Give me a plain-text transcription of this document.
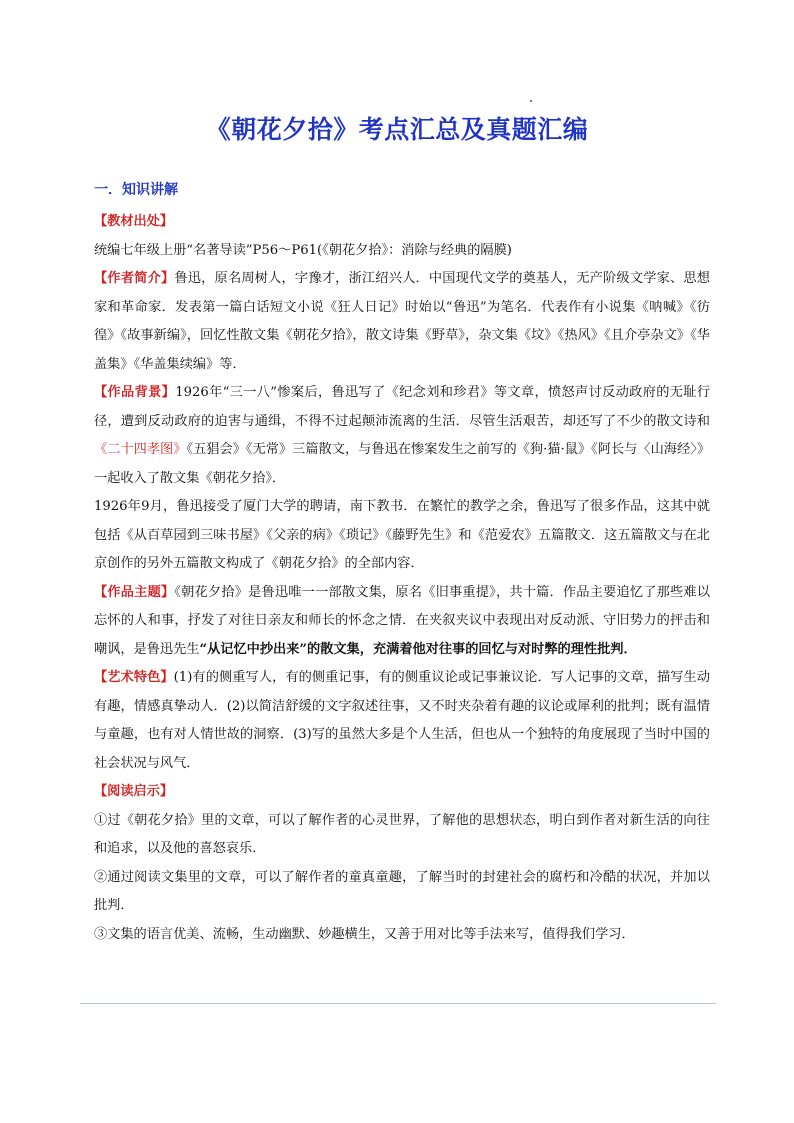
《朝花夕拾》考点汇总及真题汇编
一．知识讲解

【教材出处】

统编七年级上册“名著导读”P56～P61(《朝花夕拾》：消除与经典的隔膜)

【作者简介】鲁迅，原名周树人，字豫才，浙江绍兴人．中国现代文学的奠基人，无产阶级文学家、思想家和革命家．发表第一篇白话短文小说《狂人日记》时始以“鲁迅”为笔名．代表作有小说集《呐喊》《彷徨》《故事新编》，回忆性散文集《朝花夕拾》，散文诗集《野草》，杂文集《坟》《热风》《且介亭杂文》《华盖集》《华盖集续编》等．

【作品背景】1926年“三一八”惨案后，鲁迅写了《纪念刘和珍君》等文章，愤怒声讨反动政府的无耻行径，遭到反动政府的迫害与通缉，不得不过起颠沛流离的生活．尽管生活艰苦，却还写了不少的散文诗和《二十四孝图》《五猖会》《无常》三篇散文，与鲁迅在惨案发生之前写的《狗·猫·鼠》《阿长与〈山海经〉》一起收入了散文集《朝花夕拾》．

1926年9月，鲁迅接受了厦门大学的聘请，南下教书．在繁忙的教学之余，鲁迅写了很多作品，这其中就包括《从百草园到三味书屋》《父亲的病》《琐记》《藤野先生》和《范爱农》五篇散文．这五篇散文与在北京创作的另外五篇散文构成了《朝花夕拾》的全部内容．

【作品主题】《朝花夕拾》是鲁迅唯一一部散文集，原名《旧事重提》，共十篇．作品主要追忆了那些难以忘怀的人和事，抒发了对往日亲友和师长的怀念之情．在夹叙夹议中表现出对反动派、守旧势力的抨击和嘲讽，是鲁迅先生“从记忆中抄出来”的散文集，充满着他对往事的回忆与对时弊的理性批判．

【艺术特色】(1)有的侧重写人，有的侧重记事，有的侧重议论或记事兼议论．写人记事的文章，描写生动有趣，情感真挚动人．(2)以简洁舒缓的文字叙述往事，又不时夹杂着有趣的议论或犀利的批判；既有温情与童趣，也有对人情世故的洞察．(3)写的虽然大多是个人生活，但也从一个独特的角度展现了当时中国的社会状况与风气．

【阅读启示】

①过《朝花夕拾》里的文章，可以了解作者的心灵世界，了解他的思想状态，明白到作者对新生活的向往和追求，以及他的喜怒哀乐．

②通过阅读文集里的文章，可以了解作者的童真童趣，了解当时的封建社会的腐朽和冷酷的状况，并加以批判．

③文集的语言优美、流畅，生动幽默、妙趣横生，又善于用对比等手法来写，值得我们学习．
